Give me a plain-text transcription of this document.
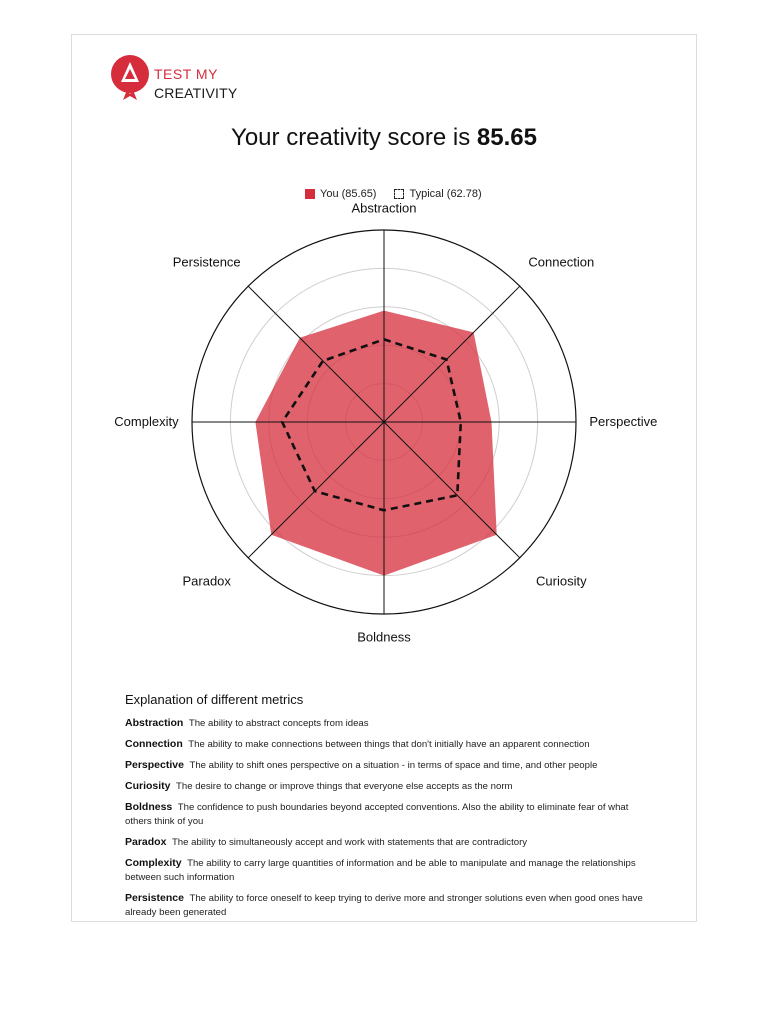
TEST MY
CREATIVITY
Your creativity score is 85.65
You (85.65)	Typical (62.78)
Abstraction
Connection
Perspective
Curiosity
Boldness
Paradox
Complexity
Persistence
Explanation of different metrics
Abstraction The ability to abstract concepts from ideas
Connection The ability to make connections between things that don't initially have an apparent connection
Perspective The ability to shift ones perspective on a situation - in terms of space and time, and other people
Curiosity The desire to change or improve things that everyone else accepts as the norm
Boldness The confidence to push boundaries beyond accepted conventions. Also the ability to eliminate fear of what others think of you
Paradox The ability to simultaneously accept and work with statements that are contradictory
Complexity The ability to carry large quantities of information and be able to manipulate and manage the relationships between such information
Persistence The ability to force oneself to keep trying to derive more and stronger solutions even when good ones have already been generated
